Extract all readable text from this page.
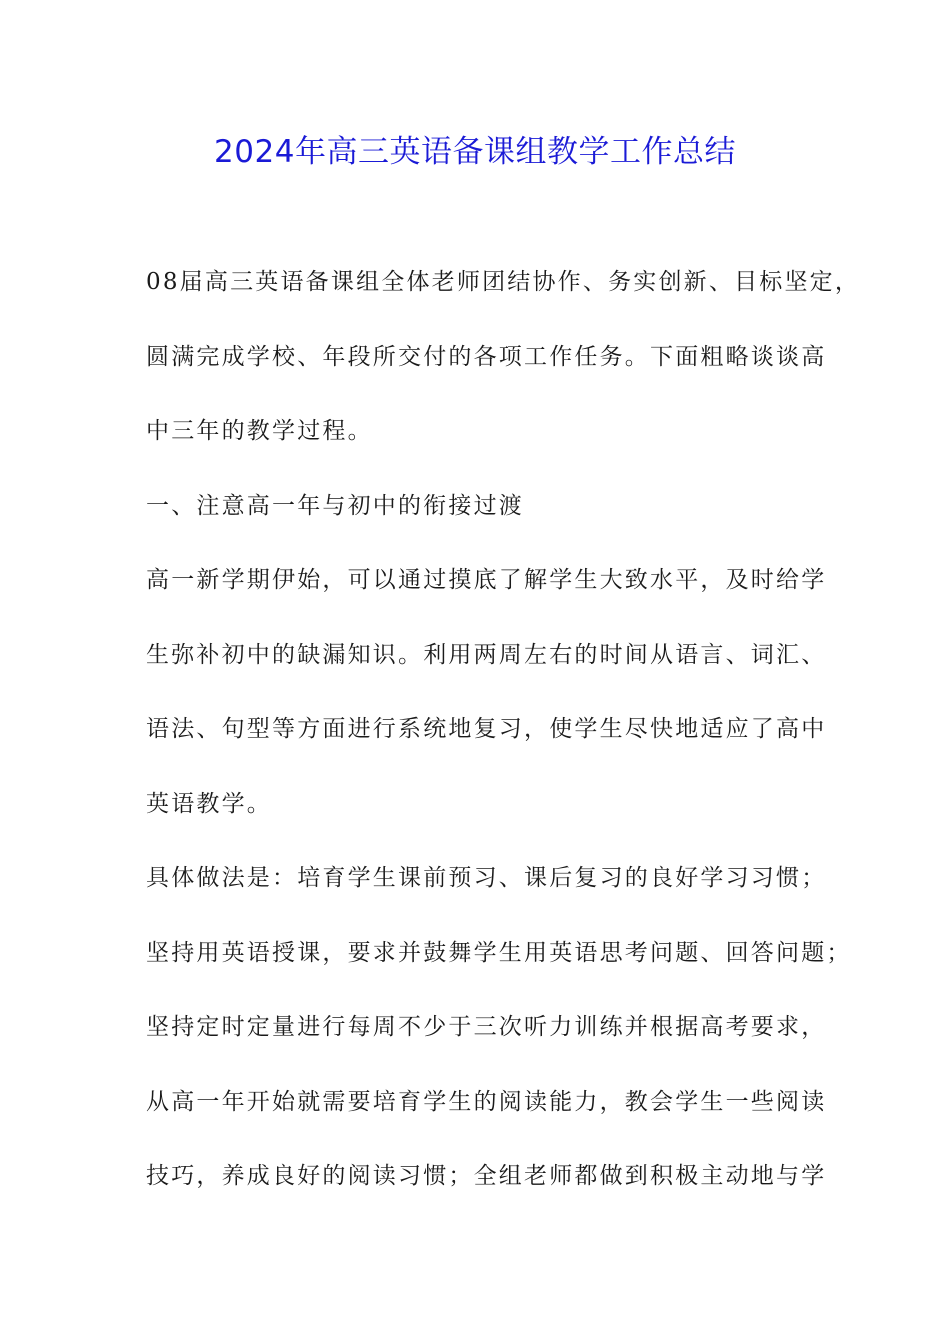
2024年高三英语备课组教学工作总结
08届高三英语备课组全体老师团结协作、务实创新、目标坚定，
圆满完成学校、年段所交付的各项工作任务。下面粗略谈谈高
中三年的教学过程。
一、注意高一年与初中的衔接过渡
高一新学期伊始，可以通过摸底了解学生大致水平，及时给学
生弥补初中的缺漏知识。利用两周左右的时间从语言、词汇、
语法、句型等方面进行系统地复习，使学生尽快地适应了高中
英语教学。
具体做法是：培育学生课前预习、课后复习的良好学习习惯；
坚持用英语授课，要求并鼓舞学生用英语思考问题、回答问题；
坚持定时定量进行每周不少于三次听力训练并根据高考要求，
从高一年开始就需要培育学生的阅读能力，教会学生一些阅读
技巧，养成良好的阅读习惯；全组老师都做到积极主动地与学
